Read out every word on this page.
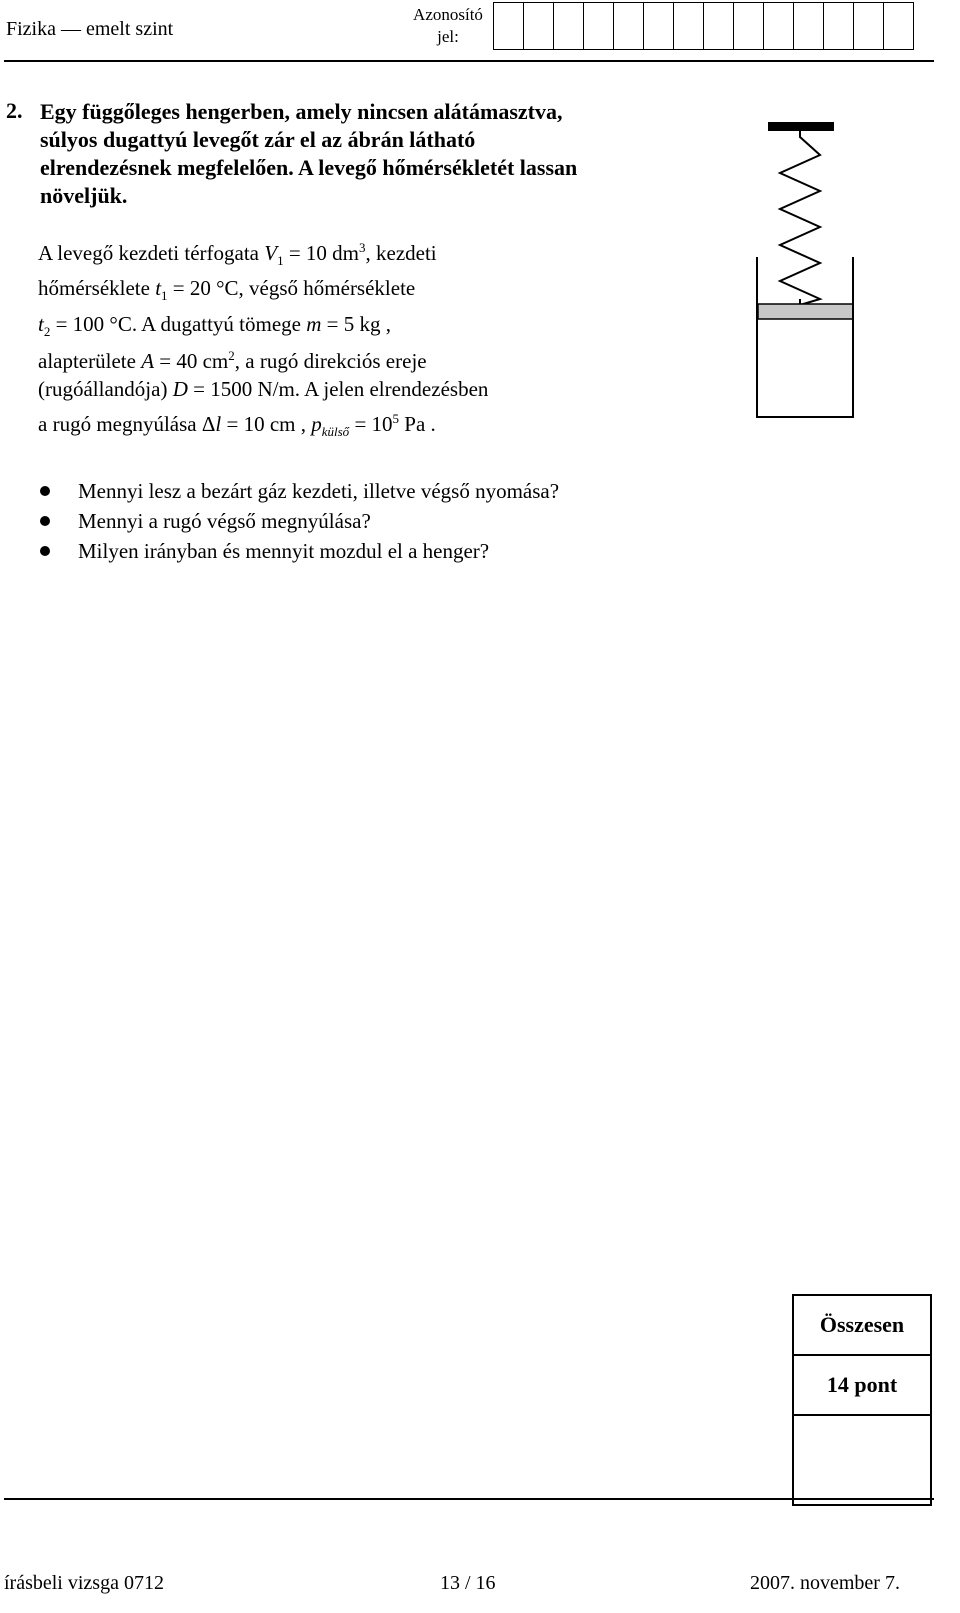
Fizika — emelt szint
Azonosító
jel:
2. Egy függőleges hengerben, amely nincsen alátámasztva, súlyos dugattyú levegőt zár el az ábrán látható elrendezésnek megfelelően. A levegő hőmérsékletét lassan növeljük.
A levegő kezdeti térfogata $V_1 = 10$ $dm^3$, kezdeti
hőmérséklete $t_1 = 20$ °C, végső hőmérséklete
$t_2 = 100$ °C. A dugattyú tömege m = 5 kg ,
alapterülete A = 40 $cm^2$, a rugó direkciós ereje
(rugóállandója) D = 1500 N/m. A jelen elrendezésben
a rugó megnyúlása Δl = 10 cm , $p_{külső} = 10^5$ Pa .
Mennyi lesz a bezárt gáz kezdeti, illetve végső nyomása?
Mennyi a rugó végső megnyúlása?
Milyen irányban és mennyit mozdul el a henger?
Összesen
14 pont
írásbeli vizsga 0712	13 / 16	2007. november 7.
